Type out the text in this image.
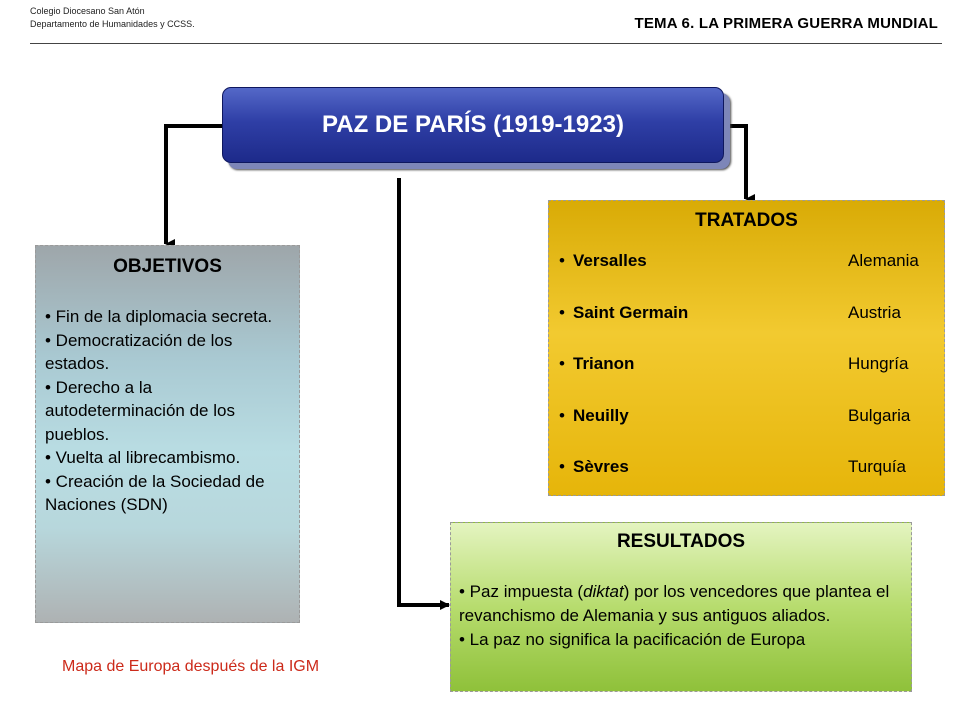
Colegio Diocesano San Atón
Departamento de Humanidades y CCSS.	TEMA 6. LA PRIMERA GUERRA MUNDIAL
PAZ DE PARÍS (1919-1923)
OBJETIVOS
• Fin de la diplomacia secreta.
• Democratización de los estados.
• Derecho a la autodeterminación de los pueblos.
• Vuelta al librecambismo.
• Creación de la Sociedad de Naciones (SDN)
TRATADOS
• Versalles	Alemania
• Saint Germain	Austria
• Trianon	Hungría
• Neuilly	Bulgaria
• Sèvres	Turquía
RESULTADOS
• Paz impuesta (diktat) por los vencedores que plantea el revanchismo de Alemania y sus antiguos aliados.
• La paz no significa la pacificación de Europa
Mapa de Europa después de la IGM
